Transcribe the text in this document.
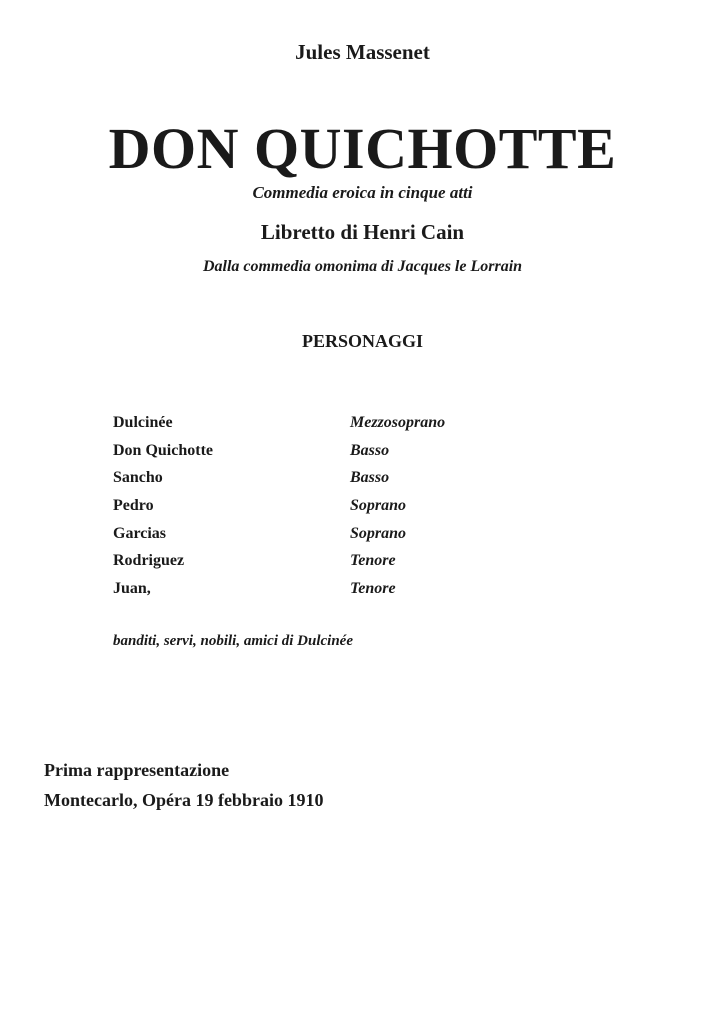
Jules Massenet
DON QUICHOTTE
Commedia eroica in cinque atti
Libretto di Henri Cain
Dalla commedia omonima di Jacques le Lorrain
PERSONAGGI
Dulcinée	Mezzosoprano
Don Quichotte	Basso
Sancho	Basso
Pedro	Soprano
Garcias	Soprano
Rodriguez	Tenore
Juan,	Tenore
banditi, servi, nobili, amici di Dulcinée
Prima rappresentazione
Montecarlo, Opéra 19 febbraio 1910
